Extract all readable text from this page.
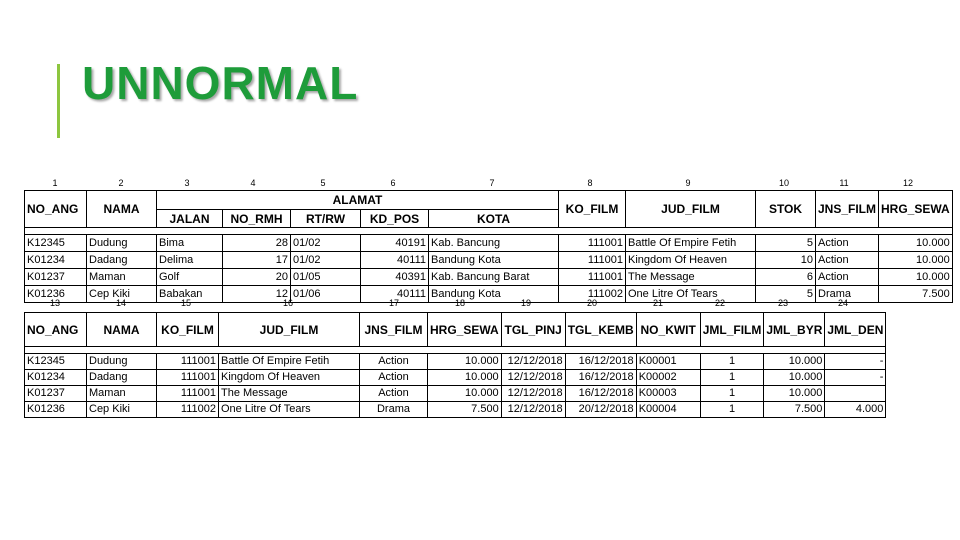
UNNORMAL
1	2	3	4	5	6	7	8	9	10	11	12
NO_ANG	NAMA	ALAMAT					KO_FILM	JUD_FILM	STOK	JNS_FILM	HRG_SEWA
		JALAN	NO_RMH	RT/RW	KD_POS	KOTA					

K12345	Dudung	Bima	28	01/02	40191	Kab. Bancung	111001	Battle Of Empire Fetih	5	Action	10.000
K01234	Dadang	Delima	17	01/02	40111	Bandung Kota	111001	Kingdom Of Heaven	10	Action	10.000
K01237	Maman	Golf	20	01/05	40391	Kab. Bancung Barat	111001	The Message	6	Action	10.000
K01236	Cep Kiki	Babakan	12	01/06	40111	Bandung Kota	111002	One Litre Of Tears	5	Drama	7.500
13	14	15	16	17	18	19	20	21	22	23	24
NO_ANG	NAMA	KO_FILM	JUD_FILM	JNS_FILM	HRG_SEWA	TGL_PINJ	TGL_KEMB	NO_KWIT	JML_FILM	JML_BYR	JML_DEN

K12345	Dudung	111001	Battle Of Empire Fetih	Action	10.000	12/12/2018	16/12/2018	K00001	1	10.000	-
K01234	Dadang	111001	Kingdom Of Heaven	Action	10.000	12/12/2018	16/12/2018	K00002	1	10.000	-
K01237	Maman	111001	The Message	Action	10.000	12/12/2018	16/12/2018	K00003	1	10.000	
K01236	Cep Kiki	111002	One Litre Of Tears	Drama	7.500	12/12/2018	20/12/2018	K00004	1	7.500	4.000
